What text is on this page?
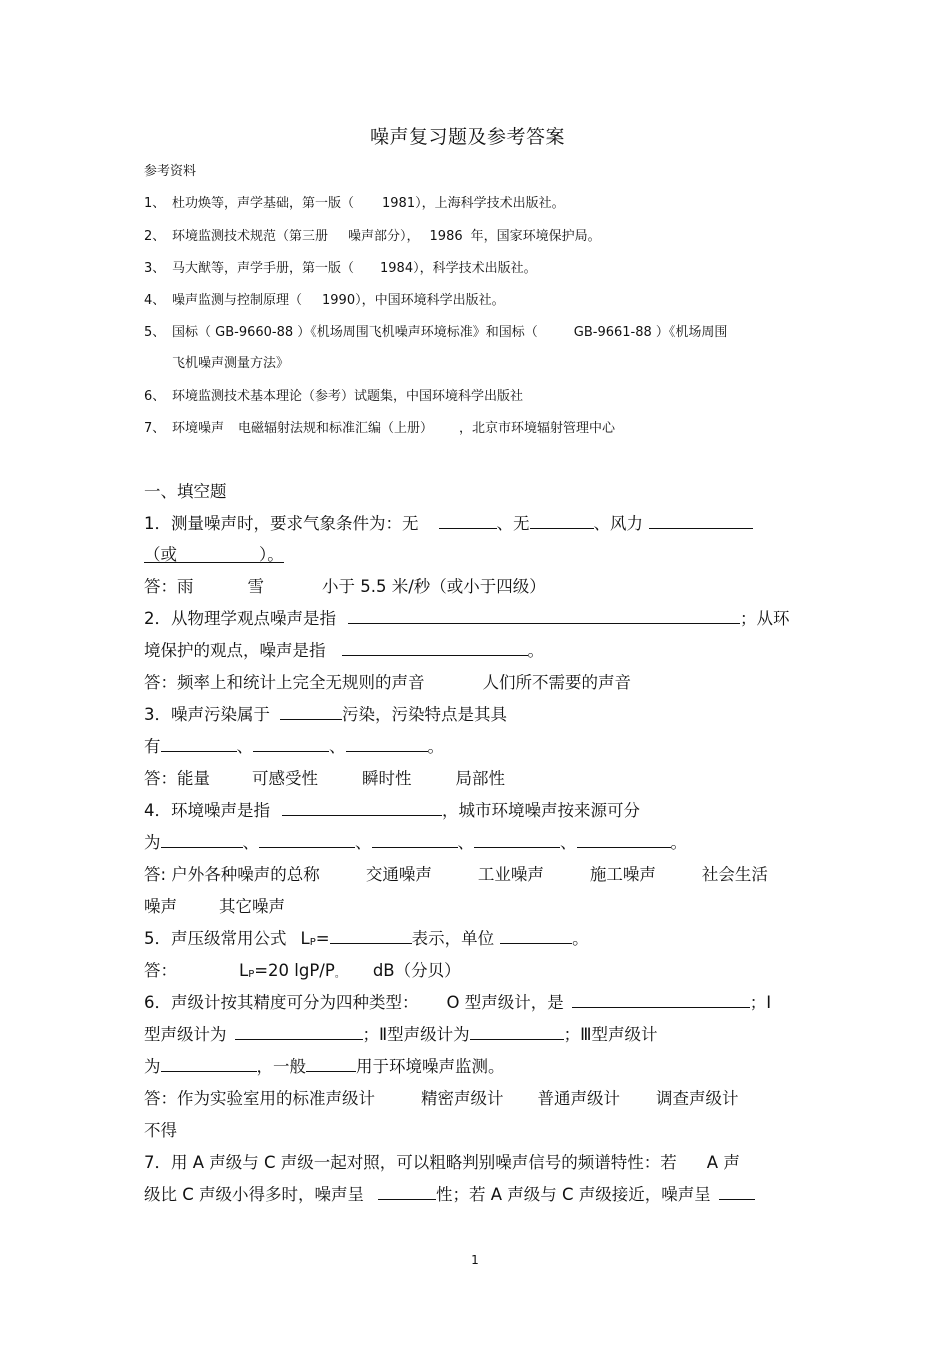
噪声复习题及参考答案
参考资料
1、 杜功焕等，声学基础，第一版（ 1981），上海科学技术出版社。
2、 环境监测技术规范（第三册 噪声部分）， 1986 年，国家环境保护局。
3、 马大猷等，声学手册，第一版（ 1984），科学技术出版社。
4、 噪声监测与控制原理（ 1990），中国环境科学出版社。
5、 国标（ GB-9660-88 ）《机场周围飞机噪声环境标准》和国标（	GB-9661-88 ）《机场周围
飞机噪声测量方法》
6、 环境监测技术基本理论（参考）试题集，中国环境科学出版社
7、 环境噪声 电磁辐射法规和标准汇编（上册） ，北京市环境辐射管理中心
一、填空题
1．测量噪声时，要求气象条件为：无	、无	、风力
（或	）。
答：雨	雪	小于 5.5 米/秒（或小于四级）
2．从物理学观点噪声是指	；从环
境保护的观点，噪声是指	。
答：频率上和统计上完全无规则的声音	人们所不需要的声音
3．噪声污染属于	污染，污染特点是其具
有	、	、	。
答：能量	可感受性	瞬时性	局部性
4．环境噪声是指	，城市环境噪声按来源可分
为	、	、	、	、	。
答: 户外各种噪声的总称	交通噪声	工业噪声	施工噪声	社会生活
噪声	其它噪声
5．声压级常用公式 $L_P=$	表示，单位	。
答：	$L_P=20$ lgP/$P_。$ dB（分贝）
6．声级计按其精度可分为四种类型： O 型声级计，是	；Ⅰ
型声级计为	；Ⅱ型声级计为	；Ⅲ型声级计
为	，一般	用于环境噪声监测。
答：作为实验室用的标准声级计	精密声级计 普通声级计 调查声级计
不得
7．用 A 声级与 C 声级一起对照，可以粗略判别噪声信号的频谱特性：若 A 声
级比 C 声级小得多时，噪声呈	性；若 A 声级与 C 声级接近，噪声呈
1
